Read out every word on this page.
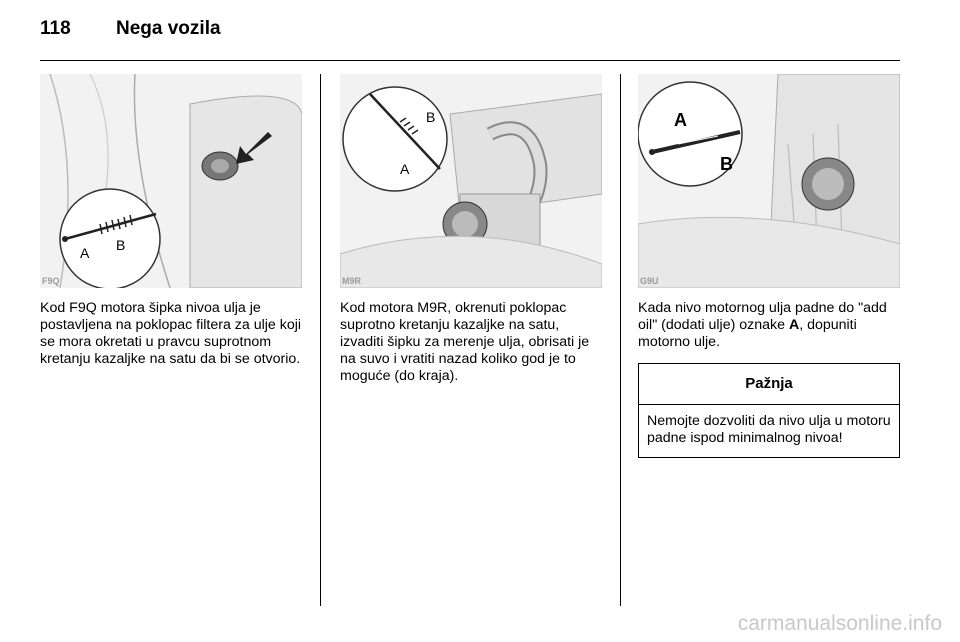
118 Nega vozila
A B
F9Q
Kod F9Q motora šipka nivoa ulja je postavljena na poklopac filtera za ulje koji se mora okretati u pravcu suprotnom kretanju kazaljke na satu da bi se otvorio.
B
A
M9R
Kod motora M9R, okrenuti poklopac suprotno kretanju kazaljke na satu, izvaditi šipku za merenje ulja, obrisati je na suvo i vratiti nazad koliko god je to moguće (do kraja).
A
B
G9U
Kada nivo motornog ulja padne do "add oil" (dodati ulje) oznake A, dopuniti motorno ulje.
Pažnja
Nemojte dozvoliti da nivo ulja u motoru padne ispod minimalnog nivoa!
carmanualsonline.info
